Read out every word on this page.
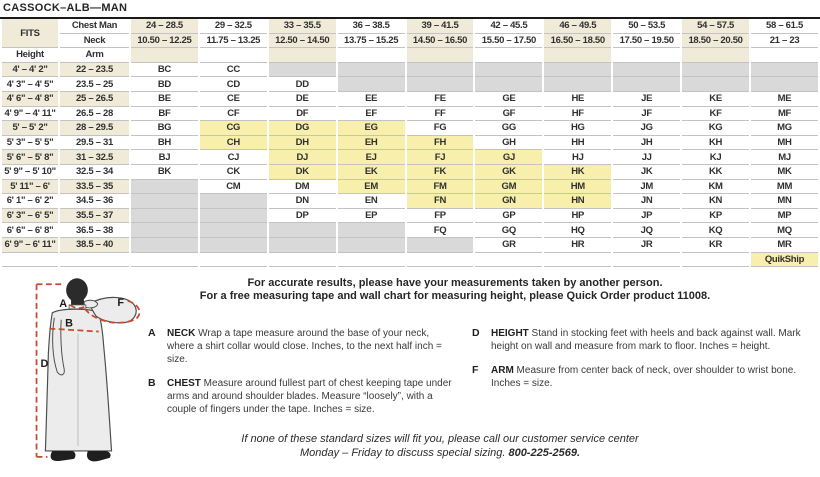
CASSOCK–ALB—MAN
FITS	Chest Man	24 – 28.5	29 – 32.5	33 – 35.5	36 – 38.5	39 – 41.5	42 – 45.5	46 – 49.5	50 – 53.5	54 – 57.5	58 – 61.5
	Neck	10.50 – 12.25	11.75 – 13.25	12.50 – 14.50	13.75 – 15.25	14.50 – 16.50	15.50 – 17.50	16.50 – 18.50	17.50 – 19.50	18.50 – 20.50	21 – 23
Height	Arm										
4' – 4' 2"	22 – 23.5	BC	CC								
4' 3" – 4' 5"	23.5 – 25	BD	CD	DD							
4' 6" – 4' 8"	25 – 26.5	BE	CE	DE	EE	FE	GE	HE	JE	KE	ME
4' 9" – 4' 11"	26.5 – 28	BF	CF	DF	EF	FF	GF	HF	JF	KF	MF
5' – 5' 2"	28 – 29.5	BG	CG	DG	EG	FG	GG	HG	JG	KG	MG
5' 3" – 5' 5"	29.5 – 31	BH	CH	DH	EH	FH	GH	HH	JH	KH	MH
5' 6" – 5' 8"	31 – 32.5	BJ	CJ	DJ	EJ	FJ	GJ	HJ	JJ	KJ	MJ
5' 9" – 5' 10"	32.5 – 34	BK	CK	DK	EK	FK	GK	HK	JK	KK	MK
5' 11" – 6'	33.5 – 35		CM	DM	EM	FM	GM	HM	JM	KM	MM
6' 1" – 6' 2"	34.5 – 36			DN	EN	FN	GN	HN	JN	KN	MN
6' 3" – 6' 5"	35.5 – 37			DP	EP	FP	GP	HP	JP	KP	MP
6' 6" – 6' 8"	36.5 – 38					FQ	GQ	HQ	JQ	KQ	MQ
6' 9" – 6' 11"	38.5 – 40						GR	HR	JR	KR	MR
											QuikShip
A
B
D
F
For accurate results, please have your measurements taken by another person.
For a free measuring tape and wall chart for measuring height, please Quick Order product 11008.
A	NECK Wrap a tape measure around the base of your neck, where a shirt collar would close. Inches, to the next half inch = size.
B	CHEST Measure around fullest part of chest keeping tape under arms and around shoulder blades. Measure “loosely”, with a couple of fingers under the tape. Inches = size.
D	HEIGHT Stand in stocking feet with heels and back against wall. Mark height on wall and measure from mark to floor. Inches = height.
F	ARM Measure from center back of neck, over shoulder to wrist bone. Inches = size.
If none of these standard sizes will fit you, please call our customer service center
Monday – Friday to discuss special sizing. 800-225-2569.
